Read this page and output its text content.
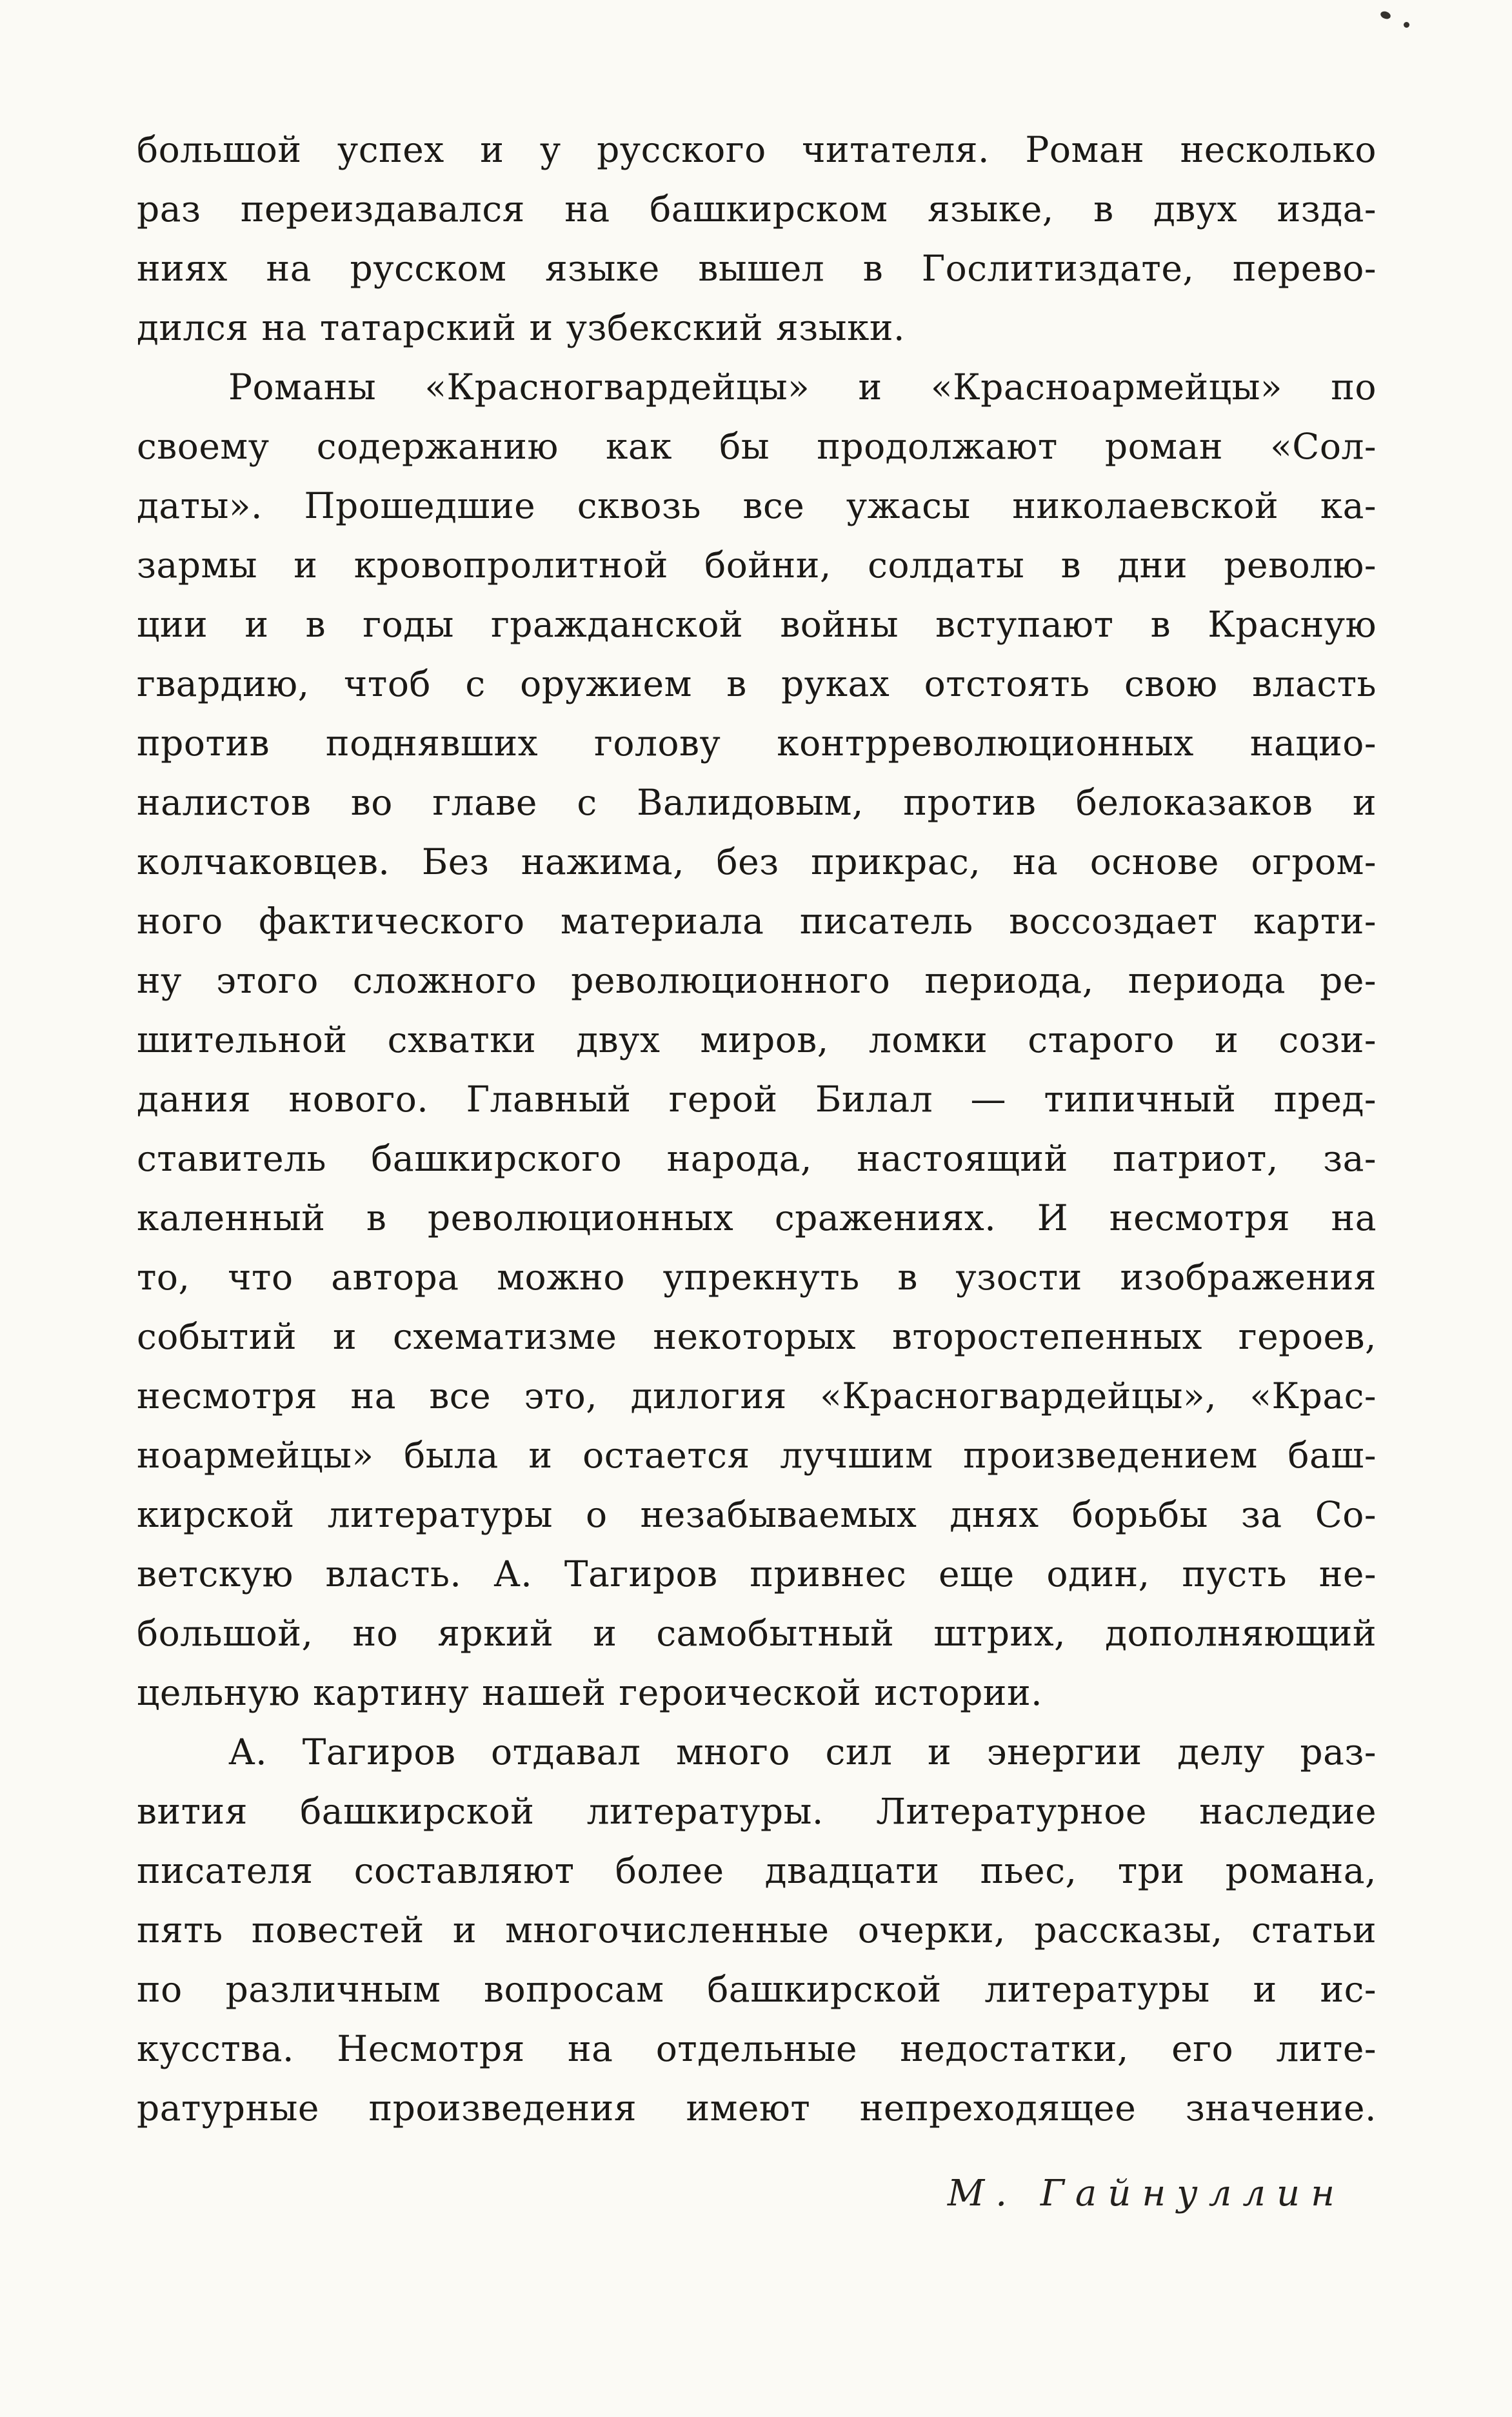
большой успех и у русского читателя. Роман несколько
раз переиздавался на башкирском языке, в двух изда-
ниях на русском языке вышел в Гослитиздате, перево-
дился на татарский и узбекский языки.
Романы «Красногвардейцы» и «Красноармейцы» по
своему содержанию как бы продолжают роман «Сол-
даты». Прошедшие сквозь все ужасы николаевской ка-
зармы и кровопролитной бойни, солдаты в дни револю-
ции и в годы гражданской войны вступают в Красную
гвардию, чтоб с оружием в руках отстоять свою власть
против поднявших голову контрреволюционных нацио-
налистов во главе с Валидовым, против белоказаков и
колчаковцев. Без нажима, без прикрас, на основе огром-
ного фактического материала писатель воссоздает карти-
ну этого сложного революционного периода, периода ре-
шительной схватки двух миров, ломки старого и сози-
дания нового. Главный герой Билал — типичный пред-
ставитель башкирского народа, настоящий патриот, за-
каленный в революционных сражениях. И несмотря на
то, что автора можно упрекнуть в узости изображения
событий и схематизме некоторых второстепенных героев,
несмотря на все это, дилогия «Красногвардейцы», «Крас-
ноармейцы» была и остается лучшим произведением баш-
кирской литературы о незабываемых днях борьбы за Со-
ветскую власть. А. Тагиров привнес еще один, пусть не-
большой, но яркий и самобытный штрих, дополняющий
цельную картину нашей героической истории.
А. Тагиров отдавал много сил и энергии делу раз-
вития башкирской литературы. Литературное наследие
писателя составляют более двадцати пьес, три романа,
пять повестей и многочисленные очерки, рассказы, статьи
по различным вопросам башкирской литературы и ис-
кусства. Несмотря на отдельные недостатки, его лите-
ратурные произведения имеют непреходящее значение.
М. Гайнуллин
